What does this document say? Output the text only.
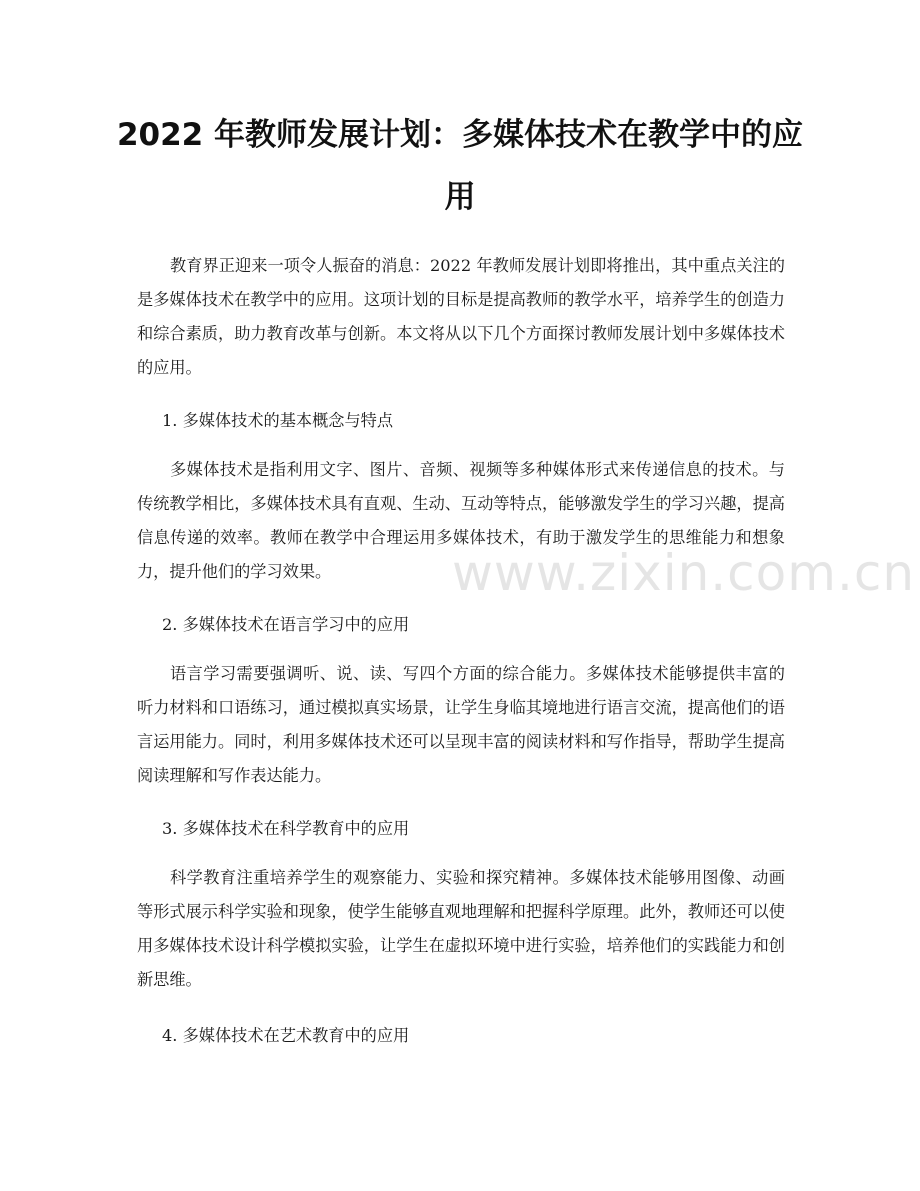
2022 年教师发展计划：多媒体技术在教学中的应用

教育界正迎来一项令人振奋的消息：2022 年教师发展计划即将推出，其中重点关注的是多媒体技术在教学中的应用。这项计划的目标是提高教师的教学水平，培养学生的创造力和综合素质，助力教育改革与创新。本文将从以下几个方面探讨教师发展计划中多媒体技术的应用。

1. 多媒体技术的基本概念与特点

多媒体技术是指利用文字、图片、音频、视频等多种媒体形式来传递信息的技术。与传统教学相比，多媒体技术具有直观、生动、互动等特点，能够激发学生的学习兴趣，提高信息传递的效率。教师在教学中合理运用多媒体技术，有助于激发学生的思维能力和想象力，提升他们的学习效果。

2. 多媒体技术在语言学习中的应用

语言学习需要强调听、说、读、写四个方面的综合能力。多媒体技术能够提供丰富的听力材料和口语练习，通过模拟真实场景，让学生身临其境地进行语言交流，提高他们的语言运用能力。同时，利用多媒体技术还可以呈现丰富的阅读材料和写作指导，帮助学生提高阅读理解和写作表达能力。

3. 多媒体技术在科学教育中的应用

科学教育注重培养学生的观察能力、实验和探究精神。多媒体技术能够用图像、动画等形式展示科学实验和现象，使学生能够直观地理解和把握科学原理。此外，教师还可以使用多媒体技术设计科学模拟实验，让学生在虚拟环境中进行实验，培养他们的实践能力和创新思维。

4. 多媒体技术在艺术教育中的应用

www.zixin.com.cn
